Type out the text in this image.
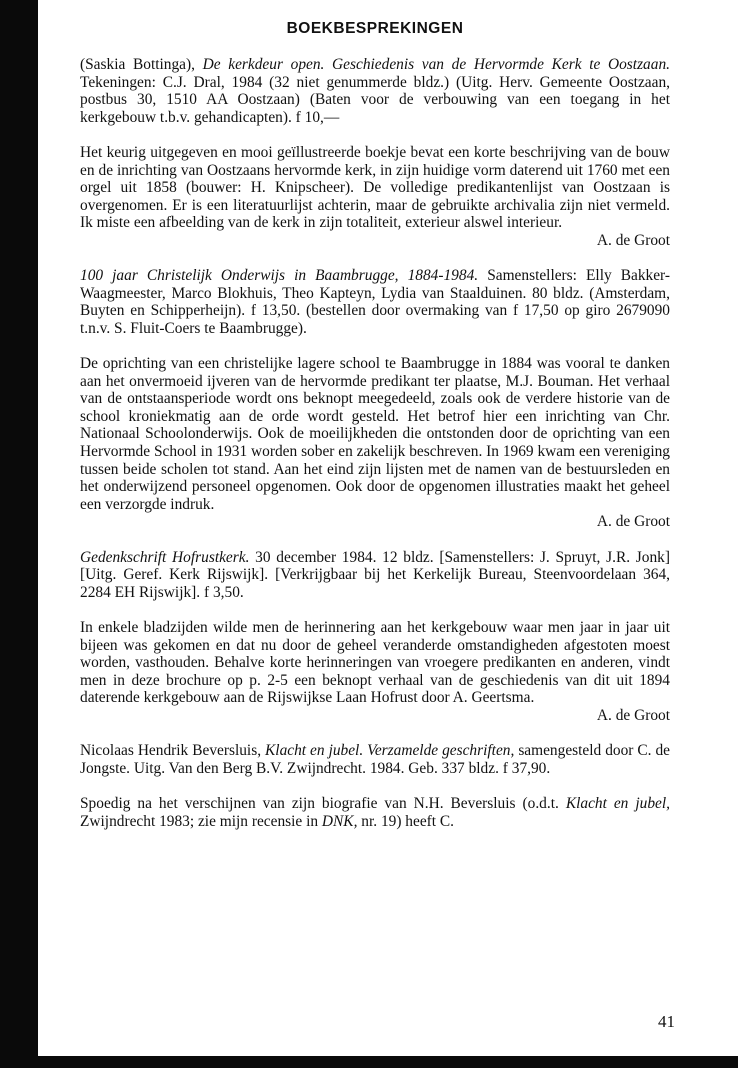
BOEKBESPREKINGEN

(Saskia Bottinga), De kerkdeur open. Geschiedenis van de Hervormde Kerk te Oostzaan. Tekeningen: C.J. Dral, 1984 (32 niet genummerde bldz.) (Uitg. Herv. Gemeente Oostzaan, postbus 30, 1510 AA Oostzaan) (Baten voor de verbouwing van een toegang in het kerkgebouw t.b.v. gehandicapten). f 10,—

Het keurig uitgegeven en mooi geïllustreerde boekje bevat een korte beschrijving van de bouw en de inrichting van Oostzaans hervormde kerk, in zijn huidige vorm daterend uit 1760 met een orgel uit 1858 (bouwer: H. Knipscheer). De volledige predikantenlijst van Oostzaan is overgenomen. Er is een literatuurlijst achterin, maar de gebruikte archivalia zijn niet vermeld. Ik miste een afbeelding van de kerk in zijn totaliteit, exterieur alswel interieur.

A. de Groot

100 jaar Christelijk Onderwijs in Baambrugge, 1884-1984. Samenstellers: Elly Bakker-Waagmeester, Marco Blokhuis, Theo Kapteyn, Lydia van Staalduinen. 80 bldz. (Amsterdam, Buyten en Schipperheijn). f 13,50. (bestellen door overmaking van f 17,50 op giro 2679090 t.n.v. S. Fluit-Coers te Baambrugge).

De oprichting van een christelijke lagere school te Baambrugge in 1884 was vooral te danken aan het onvermoeid ijveren van de hervormde predikant ter plaatse, M.J. Bouman. Het verhaal van de ontstaansperiode wordt ons beknopt meegedeeld, zoals ook de verdere historie van de school kroniekmatig aan de orde wordt gesteld. Het betrof hier een inrichting van Chr. Nationaal Schoolonderwijs. Ook de moeilijkheden die ontstonden door de oprichting van een Hervormde School in 1931 worden sober en zakelijk beschreven. In 1969 kwam een vereniging tussen beide scholen tot stand. Aan het eind zijn lijsten met de namen van de bestuursleden en het onderwijzend personeel opgenomen. Ook door de opgenomen illustraties maakt het geheel een verzorgde indruk.

A. de Groot

Gedenkschrift Hofrustkerk. 30 december 1984. 12 bldz. [Samenstellers: J. Spruyt, J.R. Jonk] [Uitg. Geref. Kerk Rijswijk]. [Verkrijgbaar bij het Kerkelijk Bureau, Steenvoordelaan 364, 2284 EH Rijswijk]. f 3,50.

In enkele bladzijden wilde men de herinnering aan het kerkgebouw waar men jaar in jaar uit bijeen was gekomen en dat nu door de geheel veranderde omstandigheden afgestoten moest worden, vasthouden. Behalve korte herinneringen van vroegere predikanten en anderen, vindt men in deze brochure op p. 2-5 een beknopt verhaal van de geschiedenis van dit uit 1894 daterende kerkgebouw aan de Rijswijkse Laan Hofrust door A. Geertsma.

A. de Groot

Nicolaas Hendrik Beversluis, Klacht en jubel. Verzamelde geschriften, samengesteld door C. de Jongste. Uitg. Van den Berg B.V. Zwijndrecht. 1984. Geb. 337 bldz. f 37,90.

Spoedig na het verschijnen van zijn biografie van N.H. Beversluis (o.d.t. Klacht en jubel, Zwijndrecht 1983; zie mijn recensie in DNK, nr. 19) heeft C.

41
